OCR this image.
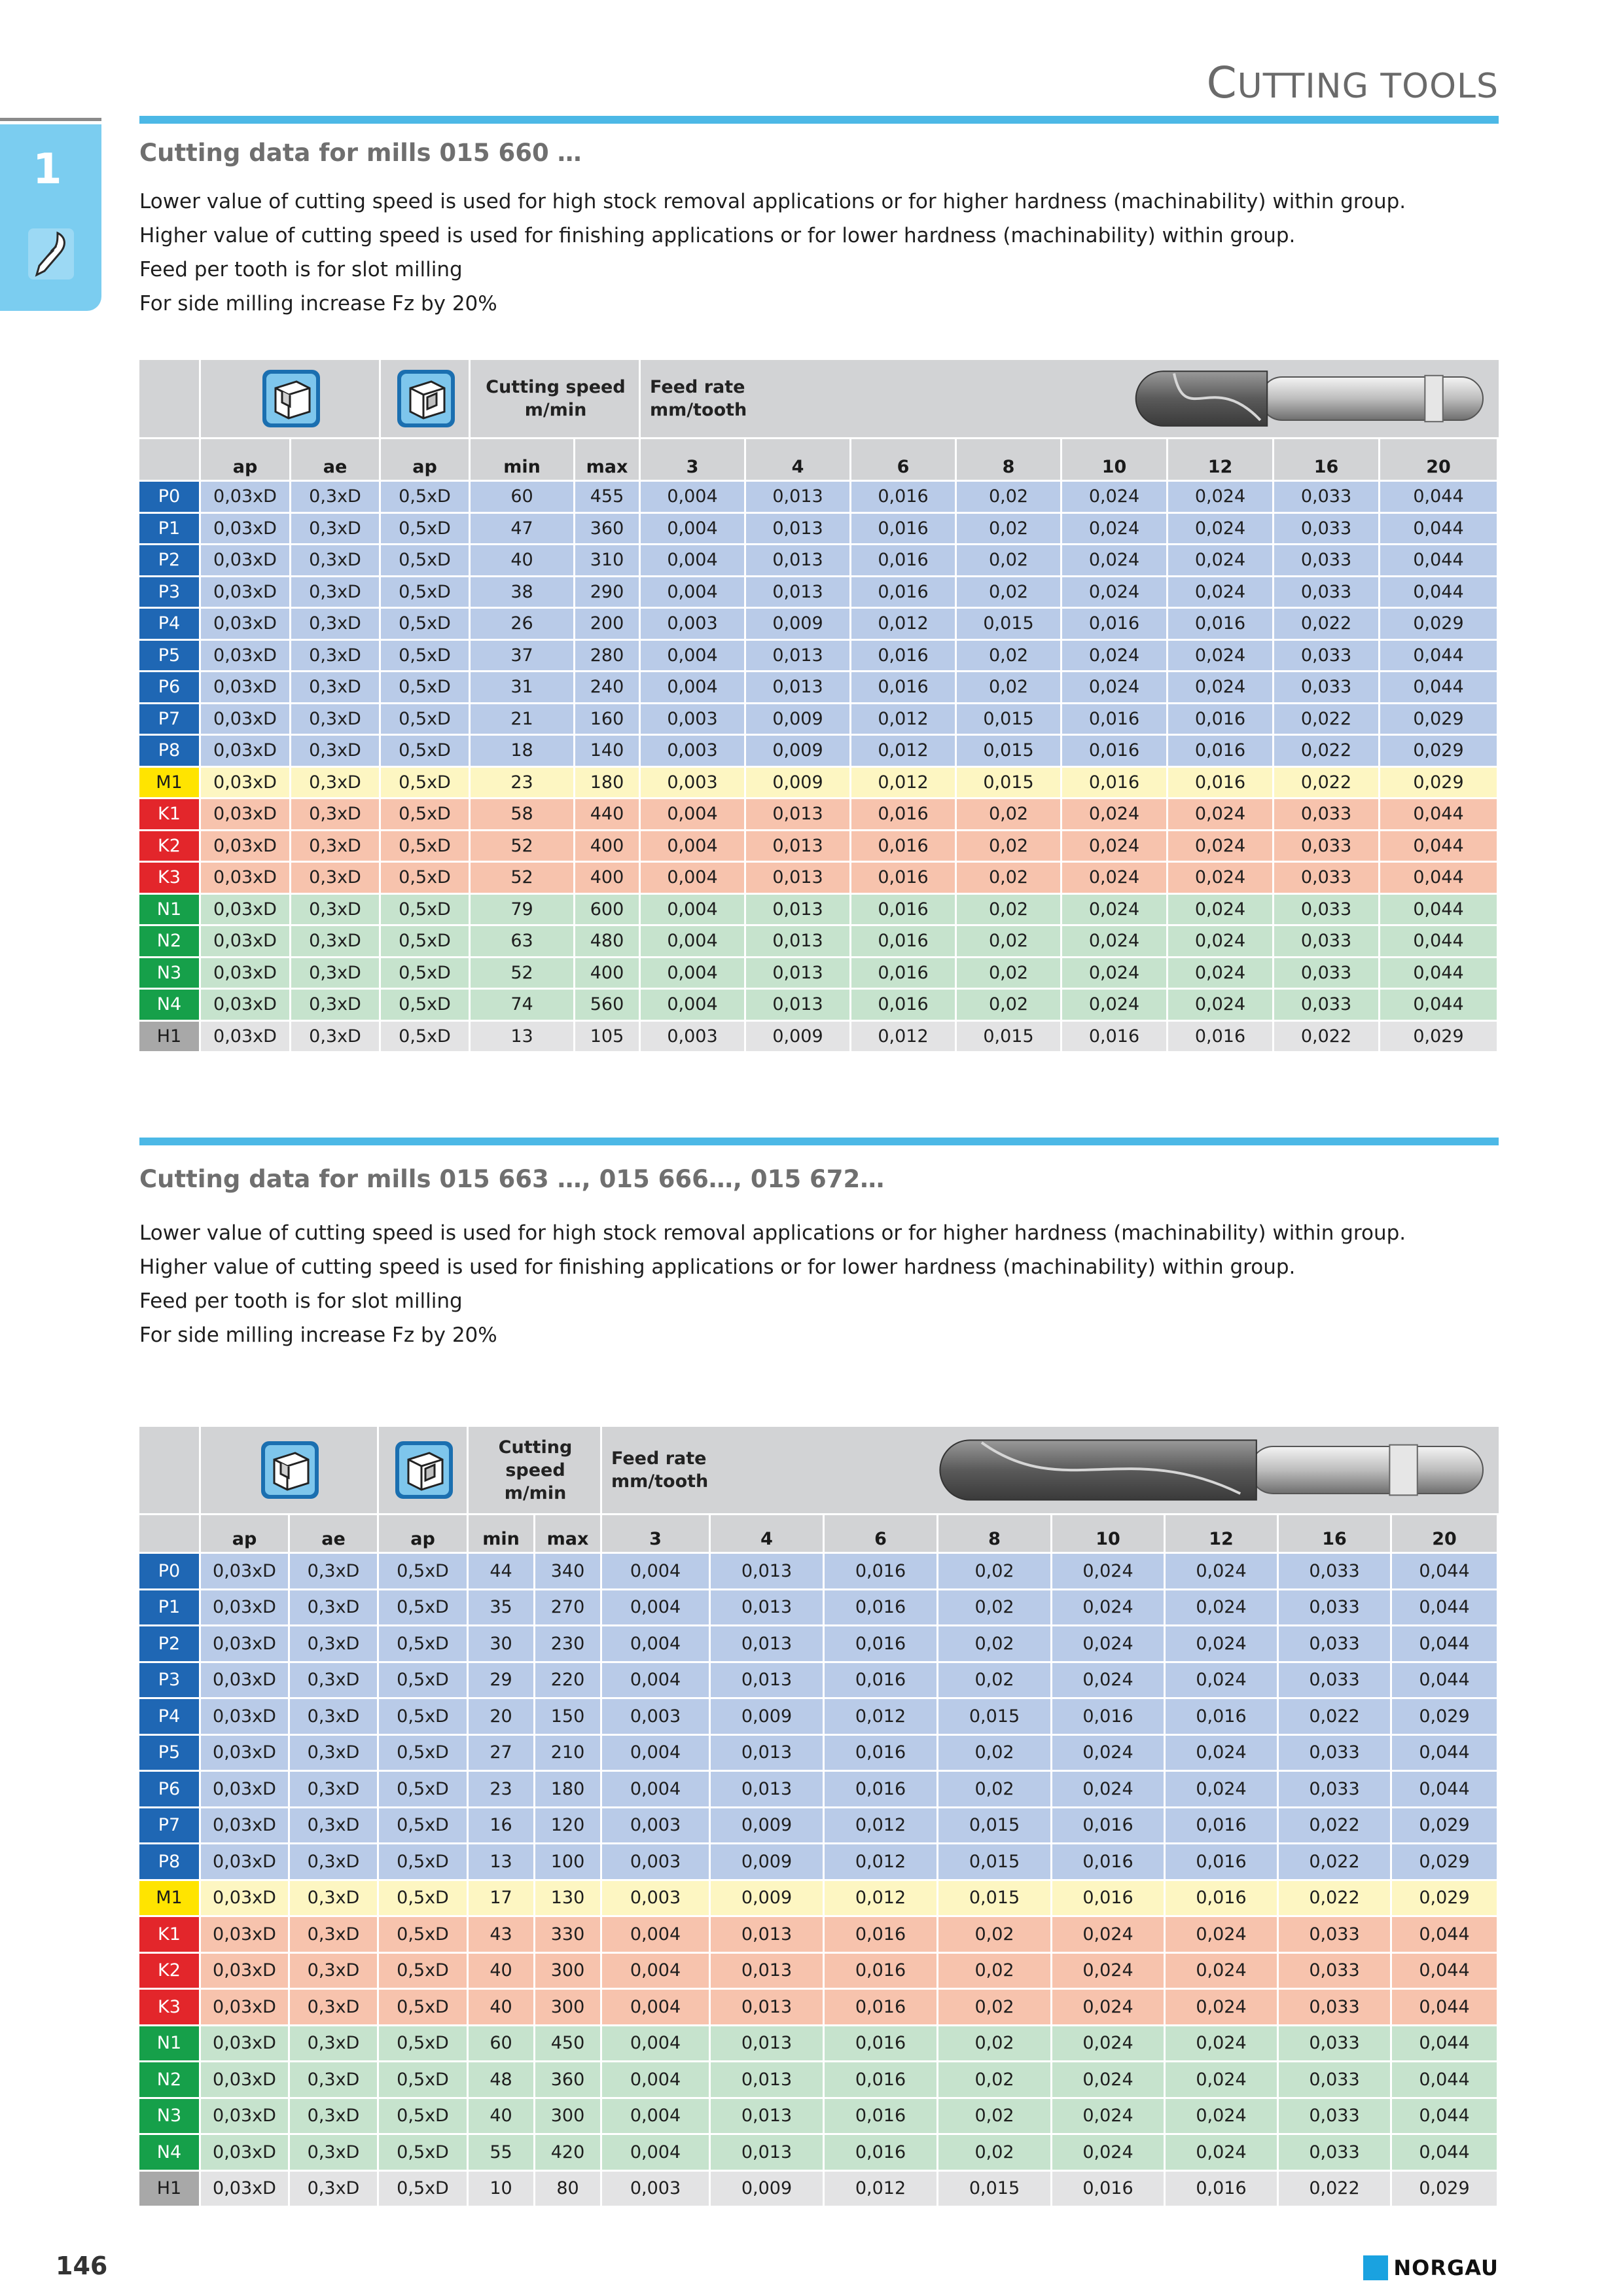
CUTTING TOOLS
1	Cutting data for mills 015 660 …
Lower value of cutting speed is used for high stock removal applications or for higher hardness (machinability) within group.
Higher value of cutting speed is used for finishing applications or for lower hardness (machinability) within group.
Feed per tooth is for slot milling
For side milling increase Fz by 20%
Cutting speed
m/min
Feed rate
mm/tooth
ap	ae	ap	min	max	3	4	6	8	10	12	16	20
P0	0,03xD	0,3xD	0,5xD	60	455	0,004	0,013	0,016	0,02	0,024	0,024	0,033	0,044
P1	0,03xD	0,3xD	0,5xD	47	360	0,004	0,013	0,016	0,02	0,024	0,024	0,033	0,044
P2	0,03xD	0,3xD	0,5xD	40	310	0,004	0,013	0,016	0,02	0,024	0,024	0,033	0,044
P3	0,03xD	0,3xD	0,5xD	38	290	0,004	0,013	0,016	0,02	0,024	0,024	0,033	0,044
P4	0,03xD	0,3xD	0,5xD	26	200	0,003	0,009	0,012	0,015	0,016	0,016	0,022	0,029
P5	0,03xD	0,3xD	0,5xD	37	280	0,004	0,013	0,016	0,02	0,024	0,024	0,033	0,044
P6	0,03xD	0,3xD	0,5xD	31	240	0,004	0,013	0,016	0,02	0,024	0,024	0,033	0,044
P7	0,03xD	0,3xD	0,5xD	21	160	0,003	0,009	0,012	0,015	0,016	0,016	0,022	0,029
P8	0,03xD	0,3xD	0,5xD	18	140	0,003	0,009	0,012	0,015	0,016	0,016	0,022	0,029
M1	0,03xD	0,3xD	0,5xD	23	180	0,003	0,009	0,012	0,015	0,016	0,016	0,022	0,029
K1	0,03xD	0,3xD	0,5xD	58	440	0,004	0,013	0,016	0,02	0,024	0,024	0,033	0,044
K2	0,03xD	0,3xD	0,5xD	52	400	0,004	0,013	0,016	0,02	0,024	0,024	0,033	0,044
K3	0,03xD	0,3xD	0,5xD	52	400	0,004	0,013	0,016	0,02	0,024	0,024	0,033	0,044
N1	0,03xD	0,3xD	0,5xD	79	600	0,004	0,013	0,016	0,02	0,024	0,024	0,033	0,044
N2	0,03xD	0,3xD	0,5xD	63	480	0,004	0,013	0,016	0,02	0,024	0,024	0,033	0,044
N3	0,03xD	0,3xD	0,5xD	52	400	0,004	0,013	0,016	0,02	0,024	0,024	0,033	0,044
N4	0,03xD	0,3xD	0,5xD	74	560	0,004	0,013	0,016	0,02	0,024	0,024	0,033	0,044
H1	0,03xD	0,3xD	0,5xD	13	105	0,003	0,009	0,012	0,015	0,016	0,016	0,022	0,029
Cutting data for mills 015 663 …, 015 666…, 015 672…
Lower value of cutting speed is used for high stock removal applications or for higher hardness (machinability) within group.
Higher value of cutting speed is used for finishing applications or for lower hardness (machinability) within group.
Feed per tooth is for slot milling
For side milling increase Fz by 20%
Cutting
speed
m/min
Feed rate
mm/tooth
ap	ae	ap	min	max	3	4	6	8	10	12	16	20
P0	0,03xD	0,3xD	0,5xD	44	340	0,004	0,013	0,016	0,02	0,024	0,024	0,033	0,044
P1	0,03xD	0,3xD	0,5xD	35	270	0,004	0,013	0,016	0,02	0,024	0,024	0,033	0,044
P2	0,03xD	0,3xD	0,5xD	30	230	0,004	0,013	0,016	0,02	0,024	0,024	0,033	0,044
P3	0,03xD	0,3xD	0,5xD	29	220	0,004	0,013	0,016	0,02	0,024	0,024	0,033	0,044
P4	0,03xD	0,3xD	0,5xD	20	150	0,003	0,009	0,012	0,015	0,016	0,016	0,022	0,029
P5	0,03xD	0,3xD	0,5xD	27	210	0,004	0,013	0,016	0,02	0,024	0,024	0,033	0,044
P6	0,03xD	0,3xD	0,5xD	23	180	0,004	0,013	0,016	0,02	0,024	0,024	0,033	0,044
P7	0,03xD	0,3xD	0,5xD	16	120	0,003	0,009	0,012	0,015	0,016	0,016	0,022	0,029
P8	0,03xD	0,3xD	0,5xD	13	100	0,003	0,009	0,012	0,015	0,016	0,016	0,022	0,029
M1	0,03xD	0,3xD	0,5xD	17	130	0,003	0,009	0,012	0,015	0,016	0,016	0,022	0,029
K1	0,03xD	0,3xD	0,5xD	43	330	0,004	0,013	0,016	0,02	0,024	0,024	0,033	0,044
K2	0,03xD	0,3xD	0,5xD	40	300	0,004	0,013	0,016	0,02	0,024	0,024	0,033	0,044
K3	0,03xD	0,3xD	0,5xD	40	300	0,004	0,013	0,016	0,02	0,024	0,024	0,033	0,044
N1	0,03xD	0,3xD	0,5xD	60	450	0,004	0,013	0,016	0,02	0,024	0,024	0,033	0,044
N2	0,03xD	0,3xD	0,5xD	48	360	0,004	0,013	0,016	0,02	0,024	0,024	0,033	0,044
N3	0,03xD	0,3xD	0,5xD	40	300	0,004	0,013	0,016	0,02	0,024	0,024	0,033	0,044
N4	0,03xD	0,3xD	0,5xD	55	420	0,004	0,013	0,016	0,02	0,024	0,024	0,033	0,044
H1	0,03xD	0,3xD	0,5xD	10	80	0,003	0,009	0,012	0,015	0,016	0,016	0,022	0,029
146	NORGAU
